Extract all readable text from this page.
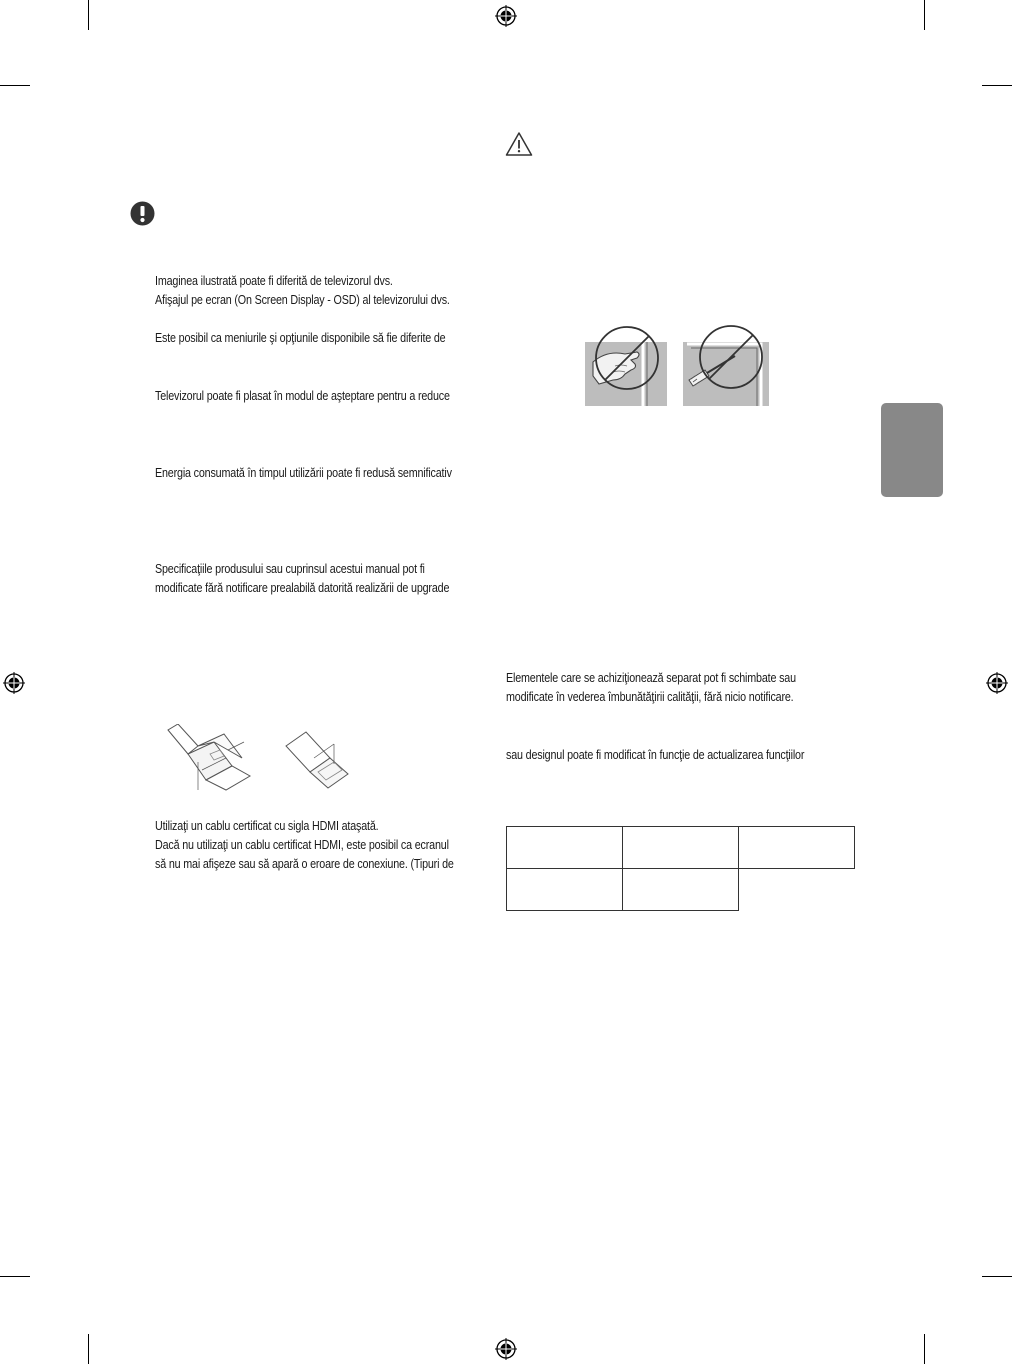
Imaginea ilustrată poate fi diferită de televizorul dvs.
Afişajul pe ecran (On Screen Display - OSD) al televizorului dvs.
Este posibil ca meniurile şi opţiunile disponibile să fie diferite de
Televizorul poate fi plasat în modul de aşteptare pentru a reduce
Energia consumată în timpul utilizării poate fi redusă semnificativ
Specificaţiile produsului sau cuprinsul acestui manual pot fi
modificate fără notificare prealabilă datorită realizării de upgrade
Utilizaţi un cablu certificat cu sigla HDMI ataşată.
Dacă nu utilizaţi un cablu certificat HDMI, este posibil ca ecranul
să nu mai afişeze sau să apară o eroare de conexiune. (Tipuri de
Elementele care se achiziţionează separat pot fi schimbate sau
modificate în vederea îmbunătăţirii calităţii, fără nicio notificare.
sau designul poate fi modificat în funcţie de actualizarea funcţiilor
